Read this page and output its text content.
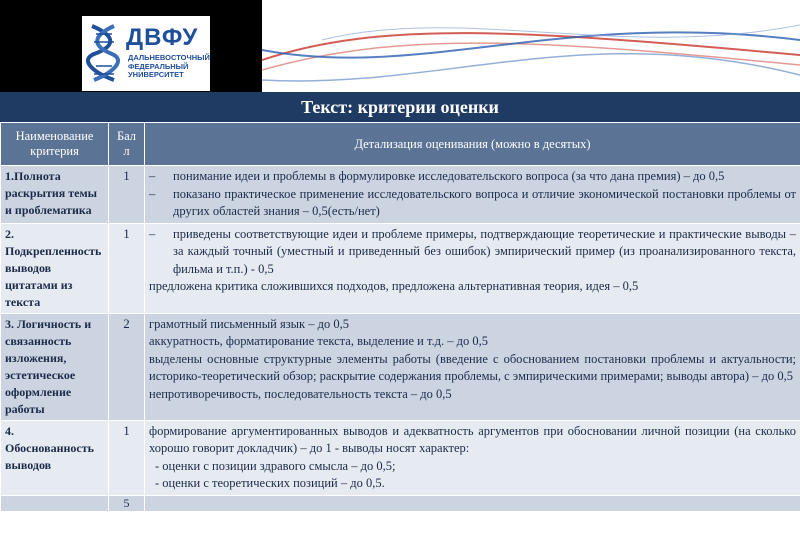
ДВФУ
ДАЛЬНЕВОСТОЧНЫЙ ФЕДЕРАЛЬНЫЙ УНИВЕРСИТЕТ
Текст: критерии оценки
Наименование критерия	Бал л	Детализация оценивания (можно в десятых)
1.Полнота раскрытия темы и проблематика	1	– понимание идеи и проблемы в формулировке исследовательского вопроса (за что дана премия) – до 0,5
– показано практическое применение исследовательского вопроса и отличие экономической постановки проблемы от других областей знания – 0,5(есть/нет)

2. Подкрепленность выводов цитатами из текста	1	– приведены соответствующие идеи и проблеме примеры, подтверждающие теоретические и практические выводы – за каждый точный (уместный и приведенный без ошибок) эмпирический пример (из проанализированного текста, фильма и т.п.) - 0,5
предложена критика сложившихся подходов, предложена альтернативная теория, идея – 0,5

3. Логичность и связанность изложения, эстетическое оформление работы	2	грамотный письменный язык – до 0,5
аккуратность, форматирование текста, выделение и т.д. – до 0,5
выделены основные структурные элементы работы (введение с обоснованием постановки проблемы и актуальности; историко-теоретический обзор; раскрытие содержания проблемы, с эмпирическими примерами; выводы автора) – до 0,5
непротиворечивость, последовательность текста – до 0,5

4. Обоснованность выводов	1	формирование аргументированных выводов и адекватность аргументов при обосновании личной позиции (на сколько хорошо говорит докладчик) – до 1 - выводы носят характер:
- оценки с позиции здравого смысла – до 0,5;
- оценки с теоретических позиций – до 0,5.

	5	
